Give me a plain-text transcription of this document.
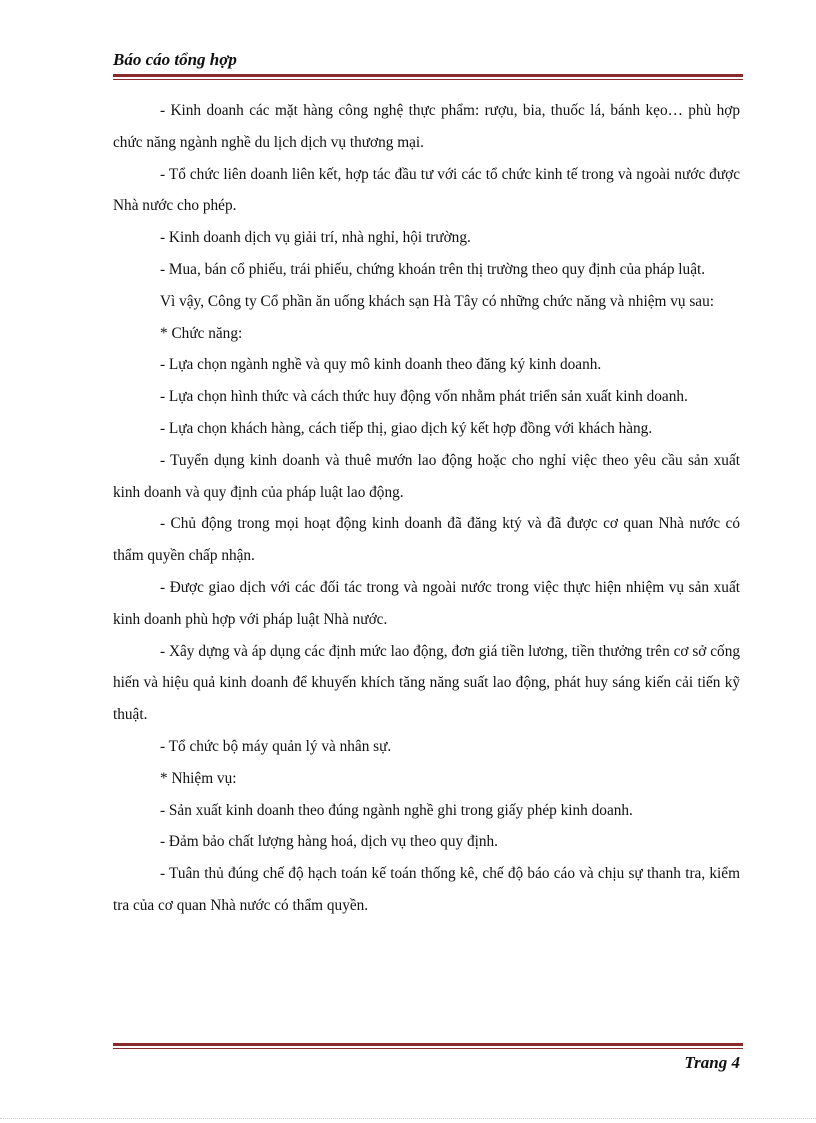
Báo cáo tổng hợp

- Kinh doanh các mặt hàng công nghệ thực phẩm: rượu, bia, thuốc lá, bánh kẹo… phù hợp chức năng ngành nghề du lịch dịch vụ thương mại.

- Tổ chức liên doanh liên kết, hợp tác đầu tư với các tổ chức kinh tế trong và ngoài nước được Nhà nước cho phép.

- Kinh doanh dịch vụ giải trí, nhà nghỉ, hội trường.

- Mua, bán cổ phiếu, trái phiếu, chứng khoán trên thị trường theo quy định của pháp luật.

Vì vậy, Công ty Cổ phần ăn uống khách sạn Hà Tây có những chức năng và nhiệm vụ sau:

* Chức năng:

- Lựa chọn ngành nghề và quy mô kinh doanh theo đăng ký kinh doanh.

- Lựa chọn hình thức và cách thức huy động vốn nhằm phát triển sản xuất kinh doanh.

- Lựa chọn khách hàng, cách tiếp thị, giao dịch ký kết hợp đồng với khách hàng.

- Tuyển dụng kinh doanh và thuê mướn lao động hoặc cho nghỉ việc theo yêu cầu sản xuất kinh doanh và quy định của pháp luật lao động.

- Chủ động trong mọi hoạt động kinh doanh đã đăng ktý và đã được cơ quan Nhà nước có thẩm quyền chấp nhận.

- Được giao dịch với các đối tác trong và ngoài nước trong việc thực hiện nhiệm vụ sản xuất kinh doanh phù hợp với pháp luật Nhà nước.

- Xây dựng và áp dụng các định mức lao động, đơn giá tiền lương, tiền thưởng trên cơ sở cống hiến và hiệu quả kinh doanh để khuyến khích tăng năng suất lao động, phát huy sáng kiến cải tiến kỹ thuật.

- Tổ chức bộ máy quản lý và nhân sự.

* Nhiệm vụ:

- Sản xuất kinh doanh theo đúng ngành nghề ghi trong giấy phép kinh doanh.

- Đảm bảo chất lượng hàng hoá, dịch vụ theo quy định.

- Tuân thủ đúng chế độ hạch toán kế toán thống kê, chế độ báo cáo và chịu sự thanh tra, kiểm tra của cơ quan Nhà nước có thẩm quyền.

Trang 4
